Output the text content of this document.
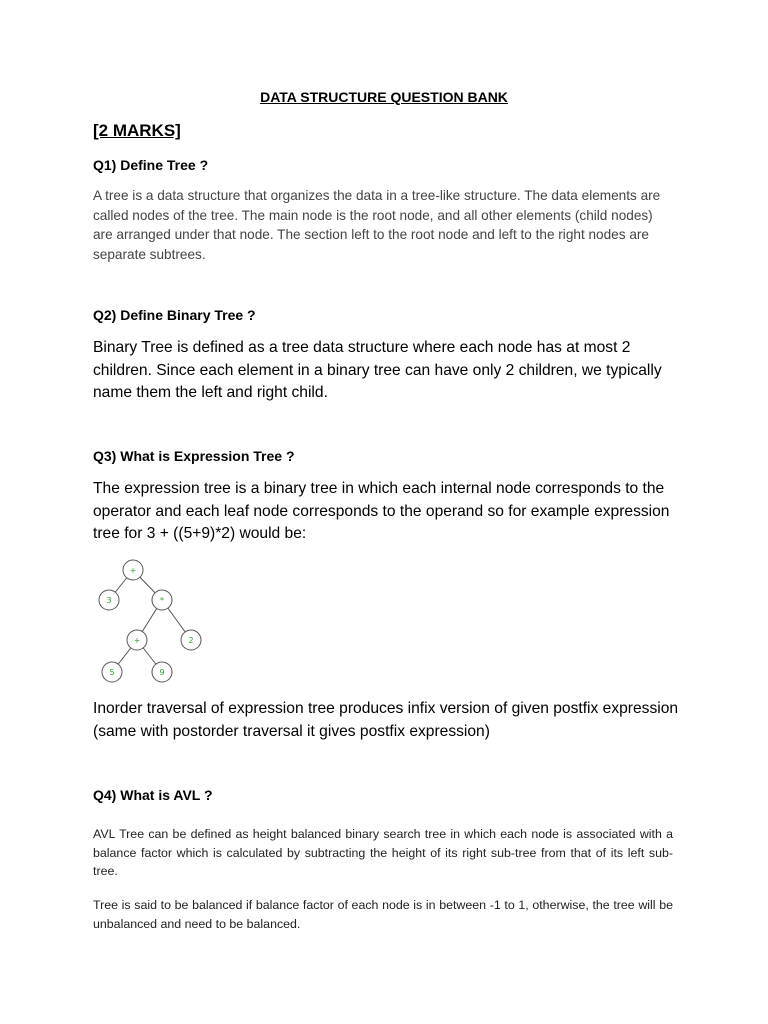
DATA STRUCTURE QUESTION BANK
[2 MARKS]
Q1) Define Tree ?
A tree is a data structure that organizes the data in a tree-like structure. The data elements are called nodes of the tree. The main node is the root node, and all other elements (child nodes) are arranged under that node. The section left to the root node and left to the right nodes are separate subtrees.
Q2) Define Binary Tree ?
Binary Tree is defined as a tree data structure where each node has at most 2 children. Since each element in a binary tree can have only 2 children, we typically name them the left and right child.
Q3) What is Expression Tree ?
The expression tree is a binary tree in which each internal node corresponds to the operator and each leaf node corresponds to the operand so for example expression tree for 3 + ((5+9)*2) would be:
+
3	*
+	2
5	9
Inorder traversal of expression tree produces infix version of given postfix expression (same with postorder traversal it gives postfix expression)
Q4) What is AVL ?
AVL Tree can be defined as height balanced binary search tree in which each node is associated with a balance factor which is calculated by subtracting the height of its right sub-tree from that of its left sub-tree.
Tree is said to be balanced if balance factor of each node is in between -1 to 1, otherwise, the tree will be unbalanced and need to be balanced.
